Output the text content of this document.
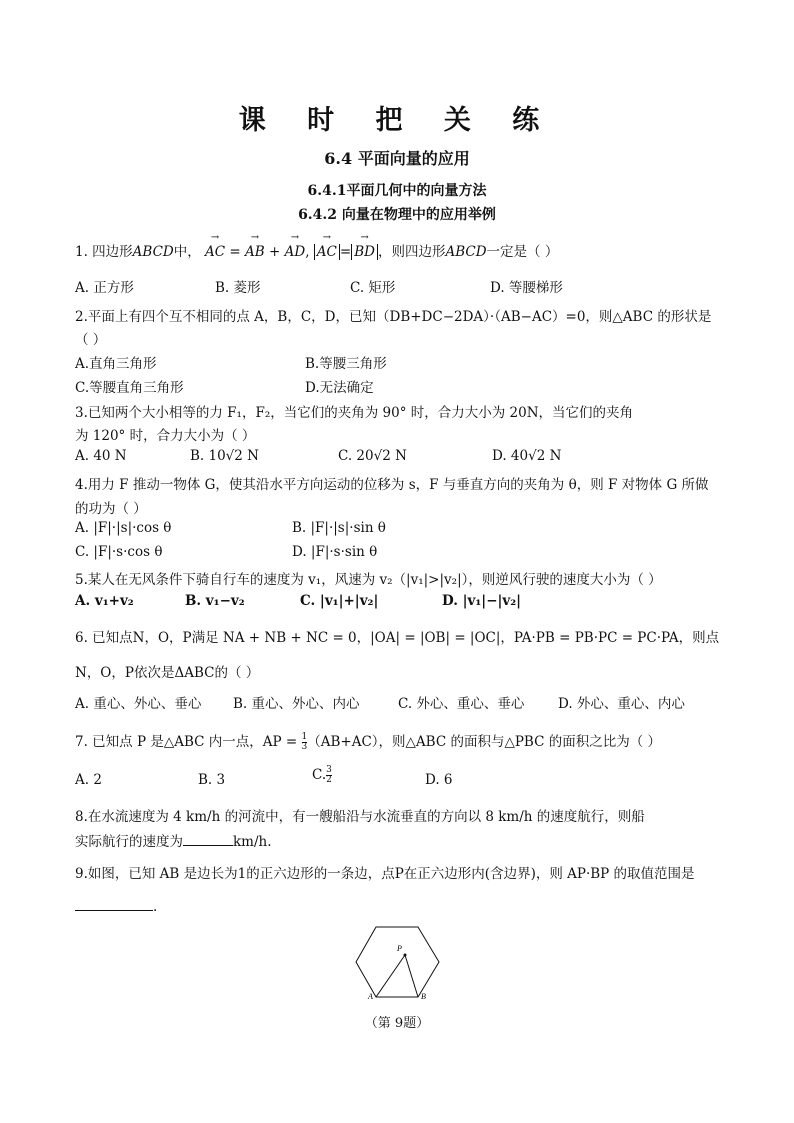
课 时 把 关 练
6.4 平面向量的应用
6.4.1平面几何中的向量方法
6.4.2 向量在物理中的应用举例
1. 四边形ABCD中， → AC = → AB + → AD, → AC = → BD ，则四边形ABCD一定是（ ）
A. 正方形	B. 菱形	C. 矩形	D. 等腰梯形
2.平面上有四个互不相同的点 A，B，C，D，已知（DB+DC−2DA）·（AB−AC）=0，则△ABC 的形状是
（ ）
A.直角三角形	B.等腰三角形
C.等腰直角三角形	D.无法确定
3.已知两个大小相等的力 F₁，F₂，当它们的夹角为 90° 时，合力大小为 20N，当它们的夹角
为 120° 时，合力大小为（ ）
A. 40 N	B. 10√2 N	C. 20√2 N	D. 40√2 N
4.用力 F 推动一物体 G，使其沿水平方向运动的位移为 s，F 与垂直方向的夹角为 θ，则 F 对物体 G 所做
的功为（ ）
A. |F|·|s|·cos θ	B. |F|·|s|·sin θ
C. |F|·s·cos θ	D. |F|·s·sin θ
5.某人在无风条件下骑自行车的速度为 v₁，风速为 v₂（|v₁|>|v₂|），则逆风行驶的速度大小为（ ）
A. v₁+v₂	B. v₁−v₂	C. |v₁|+|v₂|	D. |v₁|−|v₂|
6. 已知点N，O，P满足 NA + NB + NC = 0，|OA| = |OB| = |OC|，PA·PB = PB·PC = PC·PA，则点
N，O，P依次是ΔABC的（ ）
A. 重心、外心、垂心 B. 重心、外心、内心	C. 外心、重心、垂心 D. 外心、重心、内心
7. 已知点 P 是△ABC 内一点，AP = $\frac{1}{3} (AB+AC)$，则△ABC 的面积与△PBC 的面积之比为（ ）
A. 2	B. 3	C. $\frac{3}{2}$	D. 6
8.在水流速度为 4 km/h 的河流中，有一艘船沿与水流垂直的方向以 8 km/h 的速度航行，则船
实际航行的速度为	km/h.
9.如图，已知 AB 是边长为1的正六边形的一条边，点P在正六边形内(含边界)，则 AP·BP 的取值范围是
.
P
A	B
（第 9题）
